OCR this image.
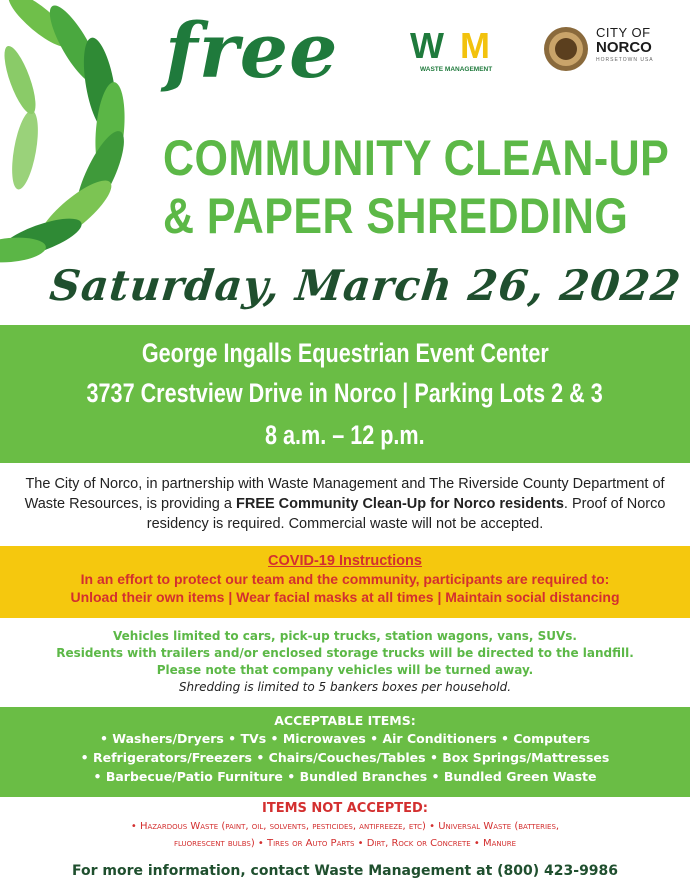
free W M
WASTE MANAGEMENT
CITY OF
NORCO
HORSETOWN USA
COMMUNITY CLEAN-UP
& PAPER SHREDDING
Saturday, March 26, 2022
George Ingalls Equestrian Event Center
3737 Crestview Drive in Norco | Parking Lots 2 & 3
8 a.m. – 12 p.m.
The City of Norco, in partnership with Waste Management and The Riverside County Department of Waste Resources, is providing a FREE Community Clean-Up for Norco residents. Proof of Norco residency is required. Commercial waste will not be accepted.
COVID-19 Instructions
In an effort to protect our team and the community, participants are required to:
Unload their own items | Wear facial masks at all times | Maintain social distancing
Vehicles limited to cars, pick-up trucks, station wagons, vans, SUVs.
Residents with trailers and/or enclosed storage trucks will be directed to the landfill.
Please note that company vehicles will be turned away.
Shredding is limited to 5 bankers boxes per household.
ACCEPTABLE ITEMS:
• Washers/Dryers • TVs • Microwaves • Air Conditioners • Computers
• Refrigerators/Freezers • Chairs/Couches/Tables • Box Springs/Mattresses
• Barbecue/Patio Furniture • Bundled Branches • Bundled Green Waste
ITEMS NOT ACCEPTED:
• Hazardous Waste (paint, oil, solvents, pesticides, antifreeze, etc) • Universal Waste (batteries,
fluorescent bulbs) • Tires or Auto Parts • Dirt, Rock or Concrete • Manure
For more information, contact Waste Management at (800) 423-9986
